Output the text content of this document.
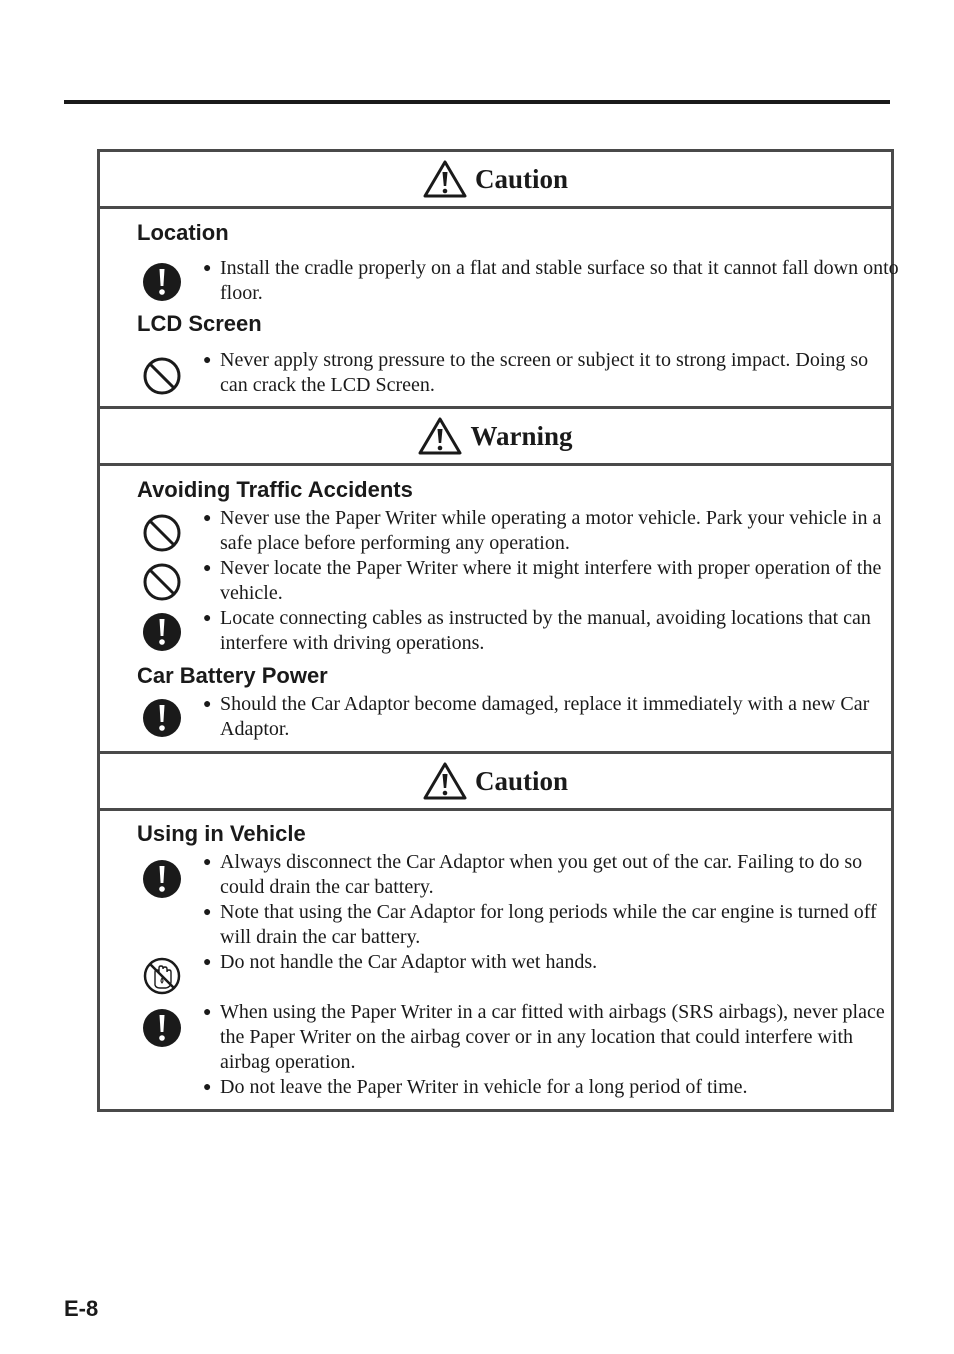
Caution
Location
● Install the cradle properly on a flat and stable surface so that it cannot fall down onto floor.
LCD Screen
● Never apply strong pressure to the screen or subject it to strong impact. Doing so can crack the LCD Screen.
Warning
Avoiding Traffic Accidents
● Never use the Paper Writer while operating a motor vehicle. Park your vehicle in a safe place before performing any operation.
● Never locate the Paper Writer where it might interfere with proper operation of the vehicle.
● Locate connecting cables as instructed by the manual, avoiding locations that can interfere with driving operations.
Car Battery Power
● Should the Car Adaptor become damaged, replace it immediately with a new Car Adaptor.
Caution
Using in Vehicle
● Always disconnect the Car Adaptor when you get out of the car. Failing to do so could drain the car battery.
● Note that using the Car Adaptor for long periods while the car engine is turned off will drain the car battery.
● Do not handle the Car Adaptor with wet hands.
● When using the Paper Writer in a car fitted with airbags (SRS airbags), never place the Paper Writer on the airbag cover or in any location that could interfere with airbag operation.
● Do not leave the Paper Writer in vehicle for a long period of time.
E-8
